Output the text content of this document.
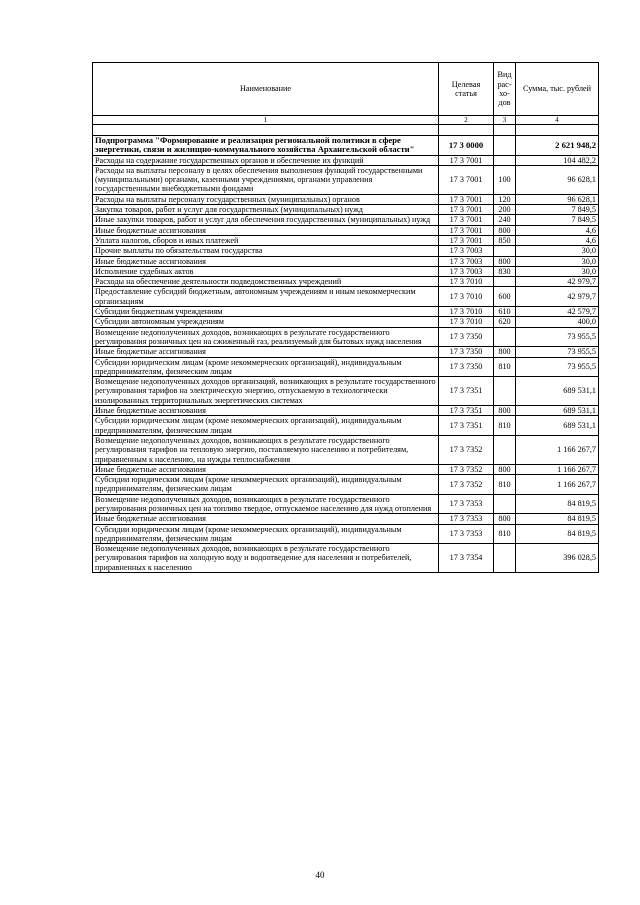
Наименование	Целевая статья	Вид рас- хо- дов	Сумма, тыс. рублей
1	2	3	4

Подпрограмма "Формирование и реализация региональной политики в сфере энергетики, связи и жилищно-коммунального хозяйства Архангельской области"	17 3 0000		2 621 948,2
Расходы на содержание государственных органов и обеспечение их функций	17 3 7001		104 482,2
Расходы на выплаты персоналу в целях обеспечения выполнения функций государственными (муниципальными) органами, казенными учреждениями, органами управления государственными внебюджетными фондами	17 3 7001	100	96 628,1
Расходы на выплаты персоналу государственных (муниципальных) органов	17 3 7001	120	96 628,1
Закупка товаров, работ и услуг для государственных (муниципальных) нужд	17 3 7001	200	7 849,5
Иные закупки товаров, работ и услуг для обеспечения государственных (муниципальных) нужд	17 3 7001	240	7 849,5
Иные бюджетные ассигнования	17 3 7001	800	4,6
Уплата налогов, сборов и иных платежей	17 3 7001	850	4,6
Прочие выплаты по обязательствам государства	17 3 7003		30,0
Иные бюджетные ассигнования	17 3 7003	800	30,0
Исполнение судебных актов	17 3 7003	830	30,0
Расходы на обеспечение деятельности подведомственных учреждений	17 3 7010		42 979,7
Предоставление субсидий бюджетным, автономным учреждениям и иным некоммерческим организациям	17 3 7010	600	42 979,7
Субсидии бюджетным учреждениям	17 3 7010	610	42 579,7
Субсидии автономным учреждениям	17 3 7010	620	400,0
Возмещение недополученных доходов, возникающих в результате государственного регулирования розничных цен на сжиженный газ, реализуемый для бытовых нужд населения	17 3 7350		73 955,5
Иные бюджетные ассигнования	17 3 7350	800	73 955,5
Субсидии юридическим лицам (кроме некоммерческих организаций), индивидуальным предпринимателям, физическим лицам	17 3 7350	810	73 955,5
Возмещение недополученных доходов организаций, возникающих в результате государственного регулирования тарифов на электрическую энергию, отпускаемую в технологически изолированных территориальных энергетических системах	17 3 7351		689 531,1
Иные бюджетные ассигнования	17 3 7351	800	689 531,1
Субсидии юридическим лицам (кроме некоммерческих организаций), индивидуальным предпринимателям, физическим лицам	17 3 7351	810	689 531,1
Возмещение недополученных доходов, возникающих в результате государственного регулирования тарифов на тепловую энергию, поставляемую населению и потребителям, приравненным к населению, на нужды теплоснабжения	17 3 7352		1 166 267,7
Иные бюджетные ассигнования	17 3 7352	800	1 166 267,7
Субсидии юридическим лицам (кроме некоммерческих организаций), индивидуальным предпринимателям, физическим лицам	17 3 7352	810	1 166 267,7
Возмещение недополученных доходов, возникающих в результате государственного регулирования розничных цен на топливо твердое, отпускаемое населению для нужд отопления	17 3 7353		84 819,5
Иные бюджетные ассигнования	17 3 7353	800	84 819,5
Субсидии юридическим лицам (кроме некоммерческих организаций), индивидуальным предпринимателям, физическим лицам	17 3 7353	810	84 819,5
Возмещение недополученных доходов, возникающих в результате государственного регулирования тарифов на холодную воду и водоотведение для населения и потребителей, приравненных к населению	17 3 7354		396 028,5
40
